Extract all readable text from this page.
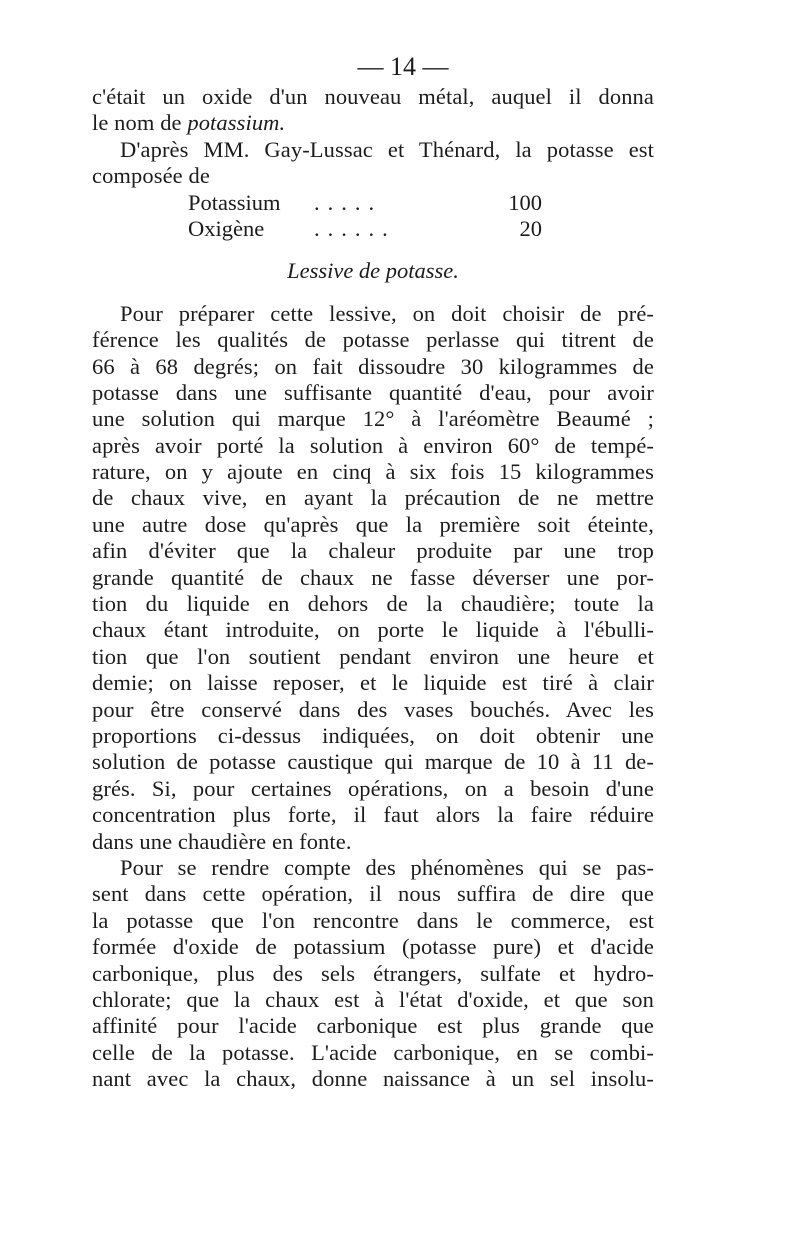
— 14 —
c'était un oxide d'un nouveau métal, auquel il donna
le nom de potassium.
D'après MM. Gay-Lussac et Thénard, la potasse est
composée de
Potassium .....	100
Oxigène ......	20
Lessive de potasse.
Pour préparer cette lessive, on doit choisir de pré-
férence les qualités de potasse perlasse qui titrent de
66 à 68 degrés; on fait dissoudre 30 kilogrammes de
potasse dans une suffisante quantité d'eau, pour avoir
une solution qui marque 12° à l'aréomètre Beaumé ;
après avoir porté la solution à environ 60° de tempé-
rature, on y ajoute en cinq à six fois 15 kilogrammes
de chaux vive, en ayant la précaution de ne mettre
une autre dose qu'après que la première soit éteinte,
afin d'éviter que la chaleur produite par une trop
grande quantité de chaux ne fasse déverser une por-
tion du liquide en dehors de la chaudière; toute la
chaux étant introduite, on porte le liquide à l'ébulli-
tion que l'on soutient pendant environ une heure et
demie; on laisse reposer, et le liquide est tiré à clair
pour être conservé dans des vases bouchés. Avec les
proportions ci-dessus indiquées, on doit obtenir une
solution de potasse caustique qui marque de 10 à 11 de-
grés. Si, pour certaines opérations, on a besoin d'une
concentration plus forte, il faut alors la faire réduire
dans une chaudière en fonte.
Pour se rendre compte des phénomènes qui se pas-
sent dans cette opération, il nous suffira de dire que
la potasse que l'on rencontre dans le commerce, est
formée d'oxide de potassium (potasse pure) et d'acide
carbonique, plus des sels étrangers, sulfate et hydro-
chlorate; que la chaux est à l'état d'oxide, et que son
affinité pour l'acide carbonique est plus grande que
celle de la potasse. L'acide carbonique, en se combi-
nant avec la chaux, donne naissance à un sel insolu-
